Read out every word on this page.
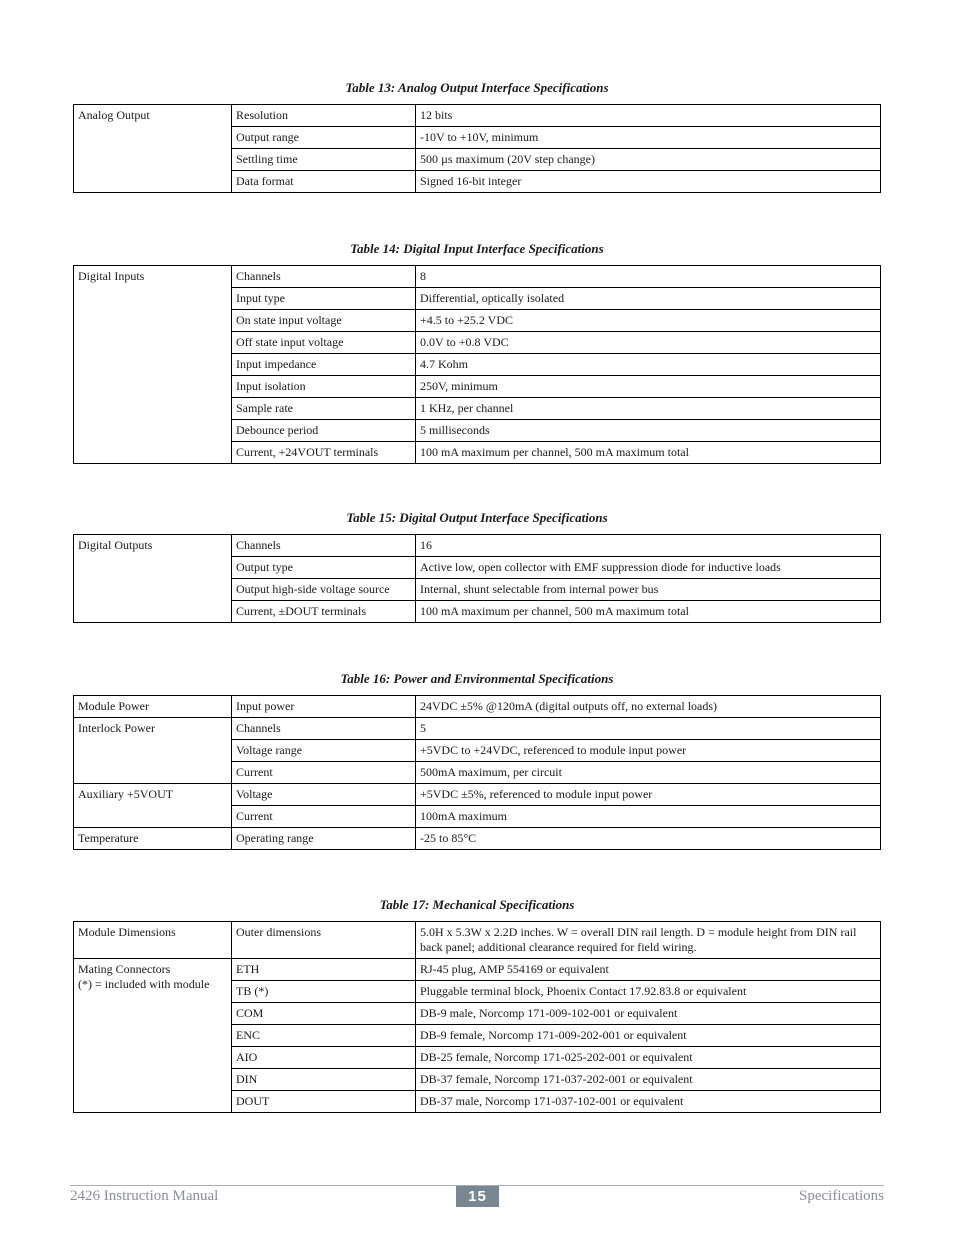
Table 13: Analog Output Interface Specifications
Analog Output	Resolution	12 bits
	Output range	-10V to +10V, minimum
	Settling time	500 µs maximum (20V step change)
	Data format	Signed 16-bit integer
Table 14: Digital Input Interface Specifications
Digital Inputs	Channels	8
	Input type	Differential, optically isolated
	On state input voltage	+4.5 to +25.2 VDC
	Off state input voltage	0.0V to +0.8 VDC
	Input impedance	4.7 Kohm
	Input isolation	250V, minimum
	Sample rate	1 KHz, per channel
	Debounce period	5 milliseconds
	Current, +24VOUT terminals	100 mA maximum per channel, 500 mA maximum total
Table 15: Digital Output Interface Specifications
Digital Outputs	Channels	16
	Output type	Active low, open collector with EMF suppression diode for inductive loads
	Output high-side voltage source	Internal, shunt selectable from internal power bus
	Current, ±DOUT terminals	100 mA maximum per channel, 500 mA maximum total
Table 16: Power and Environmental Specifications
Module Power	Input power	24VDC ±5% @120mA (digital outputs off, no external loads)
Interlock Power	Channels	5
	Voltage range	+5VDC to +24VDC, referenced to module input power
	Current	500mA maximum, per circuit
Auxiliary +5VOUT	Voltage	+5VDC ±5%, referenced to module input power
	Current	100mA maximum
Temperature	Operating range	-25 to 85°C
Table 17: Mechanical Specifications
Module Dimensions	Outer dimensions	5.0H x 5.3W x 2.2D inches. W = overall DIN rail length. D = module height from DIN rail back panel; additional clearance required for field wiring.

Mating Connectors
(*) = included with module	ETH	RJ-45 plug, AMP 554169 or equivalent
	TB (*)	Pluggable terminal block, Phoenix Contact 17.92.83.8 or equivalent
	COM	DB-9 male, Norcomp 171-009-102-001 or equivalent
	ENC	DB-9 female, Norcomp 171-009-202-001 or equivalent
	AIO	DB-25 female, Norcomp 171-025-202-001 or equivalent
	DIN	DB-37 female, Norcomp 171-037-202-001 or equivalent
	DOUT	DB-37 male, Norcomp 171-037-102-001 or equivalent
2426 Instruction Manual	15	Specifications
